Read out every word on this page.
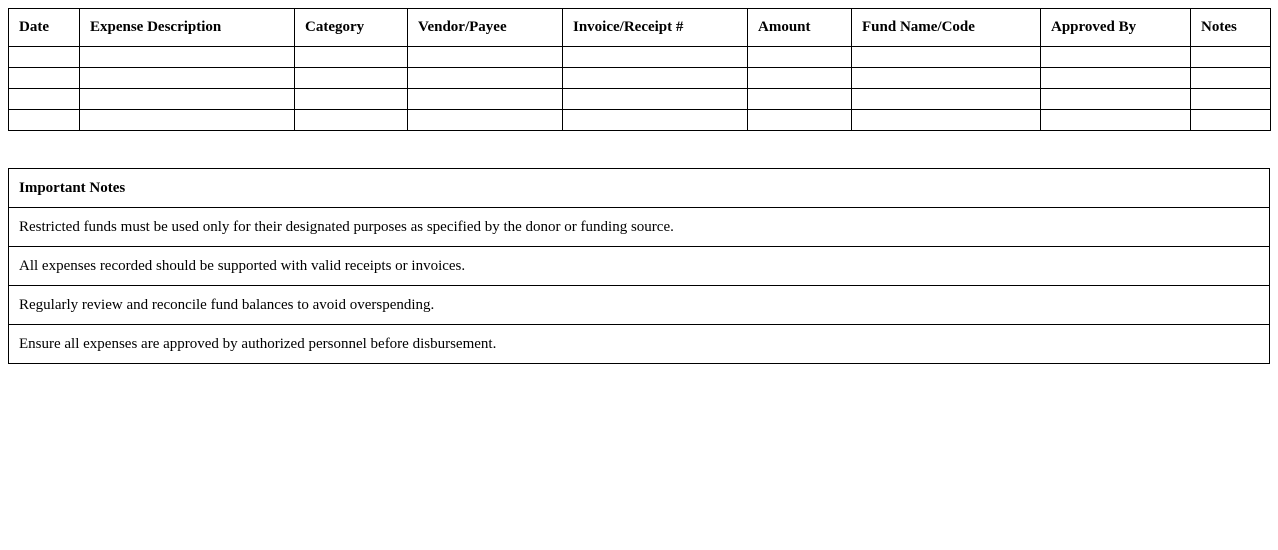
Date	Expense Description	Category	Vendor/Payee	Invoice/Receipt #	Amount	Fund Name/Code	Approved By	Notes

Important Notes
Restricted funds must be used only for their designated purposes as specified by the donor or funding source.
All expenses recorded should be supported with valid receipts or invoices.
Regularly review and reconcile fund balances to avoid overspending.
Ensure all expenses are approved by authorized personnel before disbursement.
